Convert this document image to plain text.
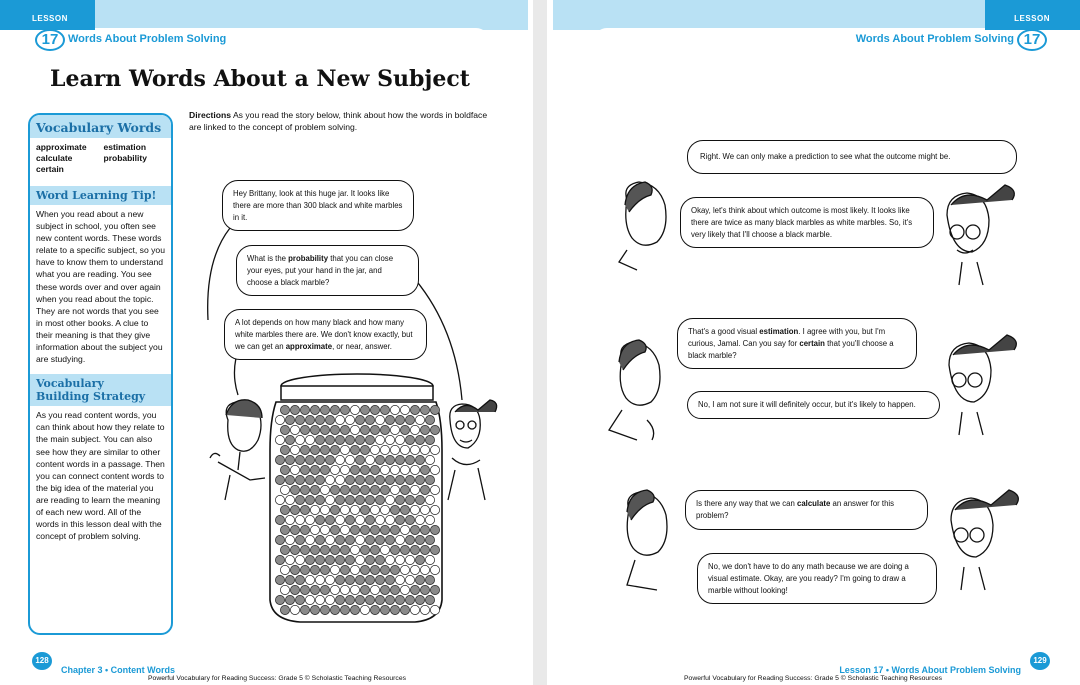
LESSON
17 Words About Problem Solving
Learn Words About a New Subject
Vocabulary Words
approximate	estimation
calculate	probability
certain
Word Learning Tip!
When you read about a new subject in school, you often see new content words. These words relate to a specific subject, so you have to know them to understand what you are reading. You see these words over and over again when you read about the topic. They are not words that you see in most other books. A clue to their meaning is that they give information about the subject you are studying.
Vocabulary
Building Strategy
As you read content words, you can think about how they relate to the main subject. You can also see how they are similar to other content words in a passage. Then you can connect content words to the big idea of the material you are reading to learn the meaning of each new word. All of the words in this lesson deal with the concept of problem solving.
Directions As you read the story below, think about how the words in boldface are linked to the concept of problem solving.
Hey Brittany, look at this huge jar. It looks like there are more than 300 black and white marbles in it.
What is the probability that you can close your eyes, put your hand in the jar, and choose a black marble?
A lot depends on how many black and how many white marbles there are. We don't know exactly, but we can get an approximate, or near, answer.
128
Chapter 3 • Content Words
Powerful Vocabulary for Reading Success: Grade 5 © Scholastic Teaching Resources
LESSON
Words About Problem Solving 17
Right. We can only make a prediction to see what the outcome might be.
Okay, let's think about which outcome is most likely. It looks like there are twice as many black marbles as white marbles. So, it's very likely that I'll choose a black marble.
That's a good visual estimation. I agree with you, but I'm curious, Jamal. Can you say for certain that you'll choose a black marble?
No, I am not sure it will definitely occur, but it's likely to happen.
Is there any way that we can calculate an answer for this problem?
No, we don't have to do any math because we are doing a visual estimate. Okay, are you ready? I'm going to draw a marble without looking!
Lesson 17 • Words About Problem Solving
129
Powerful Vocabulary for Reading Success: Grade 5 © Scholastic Teaching Resources
